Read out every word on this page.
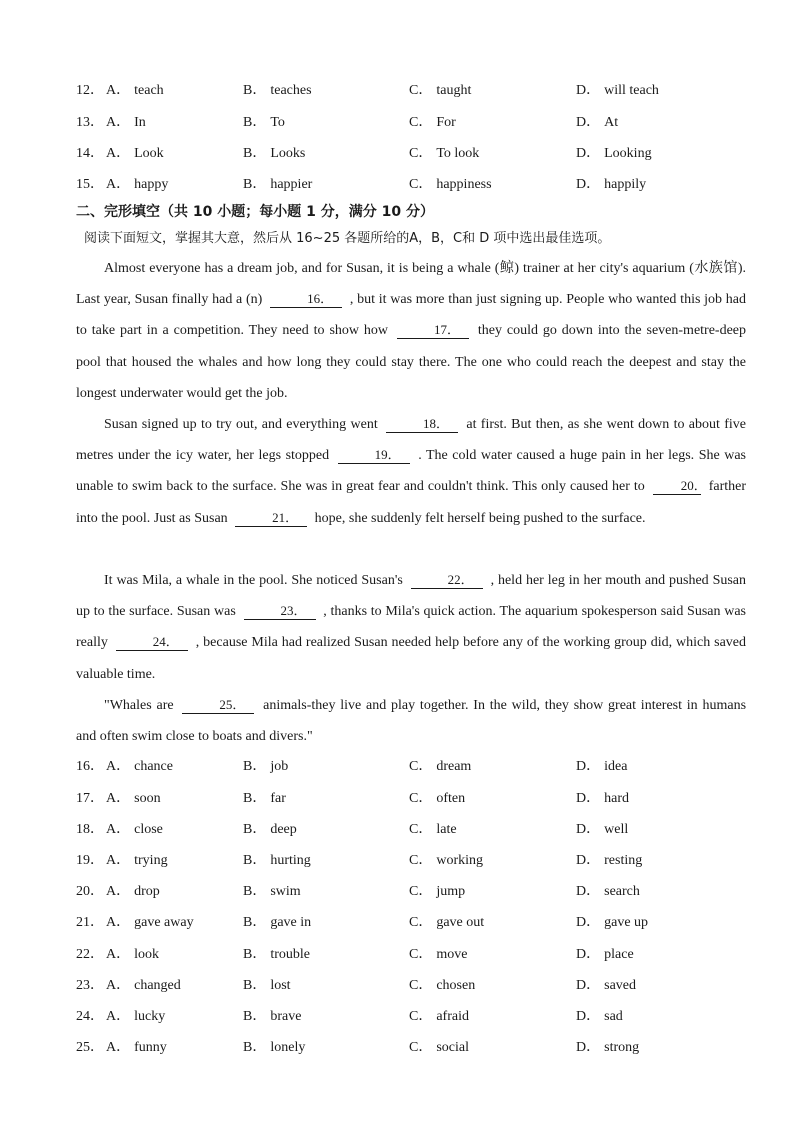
12． A． teach	B． teaches	C． taught	D． will teach
13． A． In	B． To	C． For	D． At
14． A． Look	B． Looks	C． To look	D． Looking
15． A． happy	B． happier	C． happiness	D． happily
二、完形填空（共 10 小题；每小题 1 分，满分 10 分）
阅读下面短文，掌握其大意，然后从 16~25 各题所给的A，B，C和 D 项中选出最佳选项。

Almost everyone has a dream job, and for Susan, it is being a whale (鲸) trainer at her city's aquarium (水族馆). Last year, Susan finally had a (n)	16． , but it was more than just signing up. People who wanted this job had to take part in a competition. They need to show how	17． they could go down into the seven-metre-deep pool that housed the whales and how long they could stay there. The one who could reach the deepest and stay the longest underwater would get the job.

Susan signed up to try out, and everything went	18． at first. But then, as she went down to about five metres under the icy water, her legs stopped	19． . The cold water caused a huge pain in her legs. She was unable to swim back to the surface. She was in great fear and couldn't think. This only caused her to	20． farther into the pool. Just as Susan	21． hope, she suddenly felt herself being pushed to the surface.

It was Mila, a whale in the pool. She noticed Susan's	22． , held her leg in her mouth and pushed Susan up to the surface. Susan was	23． , thanks to Mila's quick action. The aquarium spokesperson said Susan was really	24． , because Mila had realized Susan needed help before any of the working group did, which saved valuable time.

"Whales are	25． animals-they live and play together. In the wild, they show great interest in humans and often swim close to boats and divers."

16． A． chance	B． job	C． dream	D． idea
17． A． soon	B． far	C． often	D． hard
18． A． close	B． deep	C． late	D． well
19． A． trying	B． hurting	C． working	D． resting
20． A． drop	B． swim	C． jump	D． search
21． A． gave away	B． gave in	C． gave out	D． gave up
22． A． look	B． trouble	C． move	D． place
23． A． changed	B． lost	C． chosen	D． saved
24． A． lucky	B． brave	C． afraid	D． sad
25． A． funny	B． lonely	C． social	D． strong
